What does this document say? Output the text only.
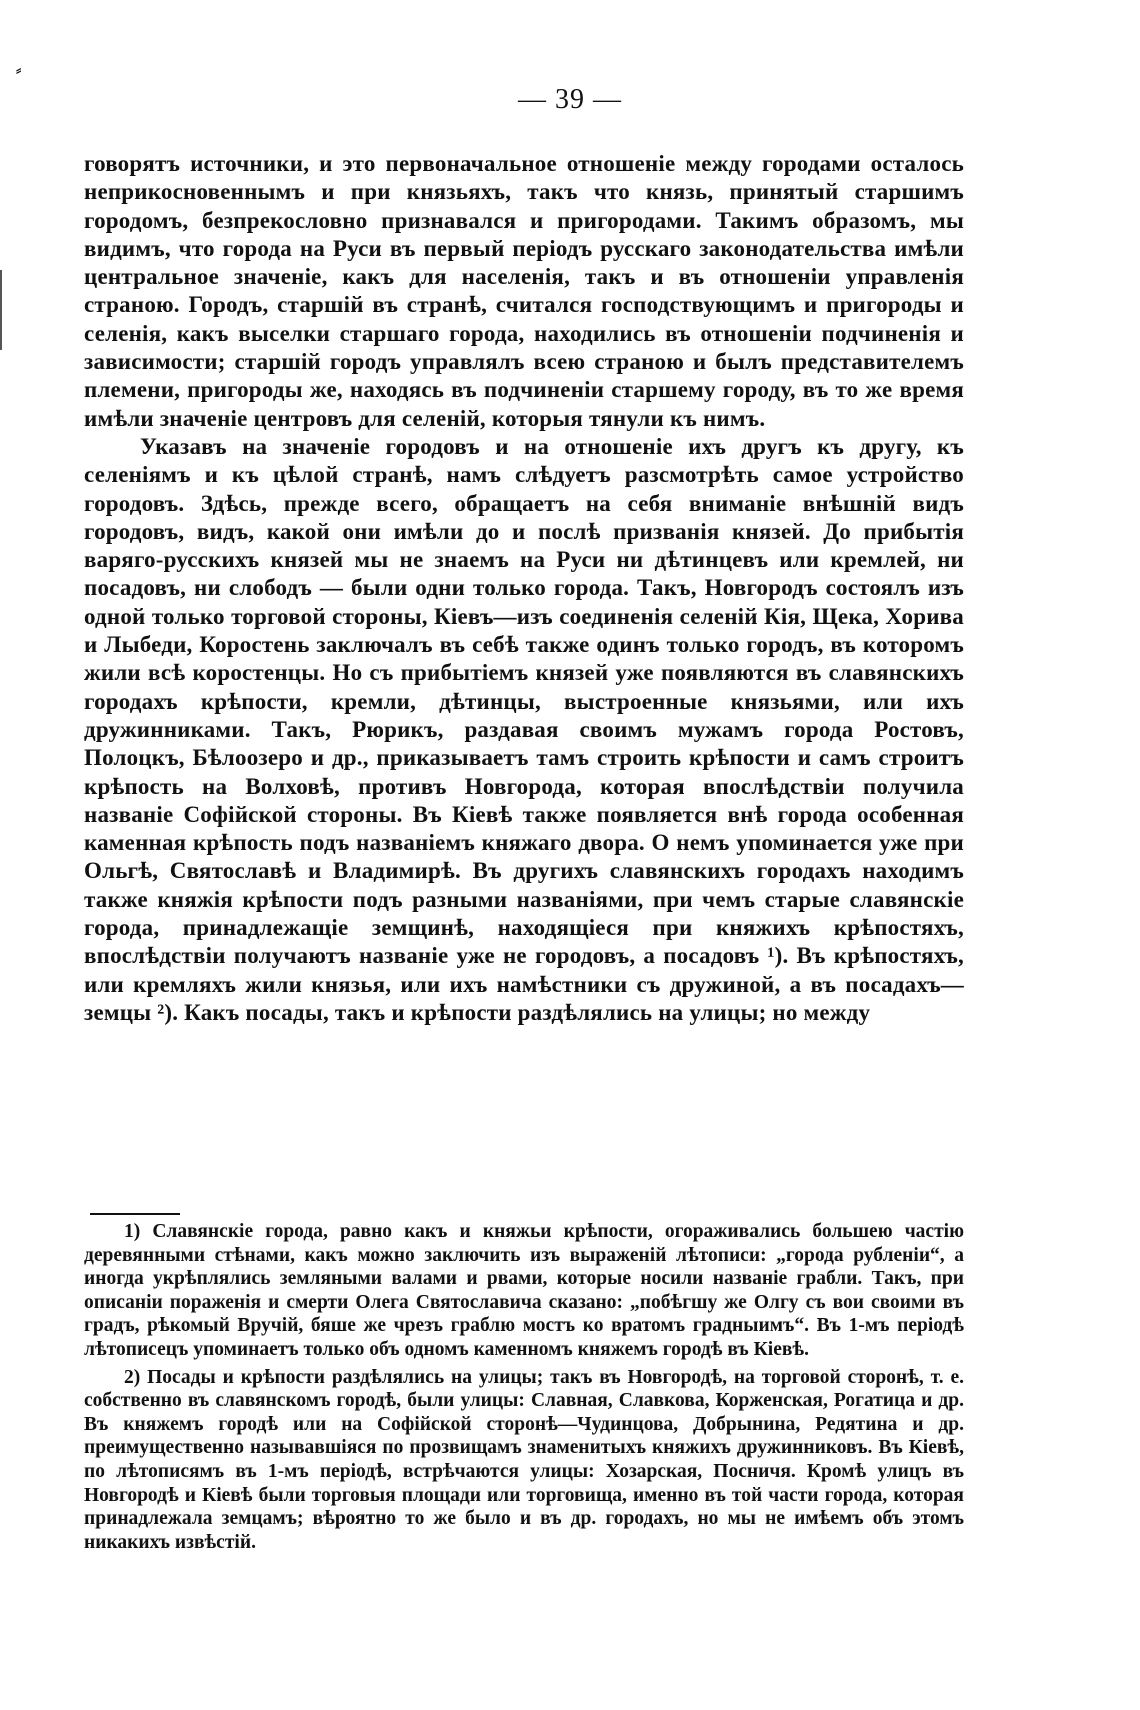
⸗
— 39 —

говорятъ источники, и это первоначальное отношеніе между городами осталось неприкосновеннымъ и при князьяхъ, такъ что князь, принятый старшимъ городомъ, безпрекословно признавался и пригородами. Такимъ образомъ, мы видимъ, что города на Руси въ первый періодъ русскаго законодательства имѣли центральное значеніе, какъ для населенія, такъ и въ отношеніи управленія страною. Городъ, старшій въ странѣ, считался господствующимъ и пригороды и селенія, какъ выселки старшаго города, находились въ отношеніи подчиненія и зависимости; старшій городъ управлялъ всею страною и былъ представителемъ племени, пригороды же, находясь въ подчиненіи старшему городу, въ то же время имѣли значеніе центровъ для селеній, которыя тянули къ нимъ.

Указавъ на значеніе городовъ и на отношеніе ихъ другъ къ другу, къ селеніямъ и къ цѣлой странѣ, намъ слѣдуетъ разсмотрѣть самое устройство городовъ. Здѣсь, прежде всего, обращаетъ на себя вниманіе внѣшній видъ городовъ, видъ, какой они имѣли до и послѣ призванія князей. До прибытія варяго-русскихъ князей мы не знаемъ на Руси ни дѣтинцевъ или кремлей, ни посадовъ, ни слободъ — были одни только города. Такъ, Новгородъ состоялъ изъ одной только торговой стороны, Кіевъ—изъ соединенія селеній Кія, Щека, Хорива и Лыбеди, Коростень заключалъ въ себѣ также одинъ только городъ, въ которомъ жили всѣ коростенцы. Но съ прибытіемъ князей уже появляются въ славянскихъ городахъ крѣпости, кремли, дѣтинцы, выстроенные князьями, или ихъ дружинниками. Такъ, Рюрикъ, раздавая своимъ мужамъ города Ростовъ, Полоцкъ, Бѣлоозеро и др., приказываетъ тамъ строить крѣпости и самъ строитъ крѣпость на Волховѣ, противъ Новгорода, которая впослѣдствіи получила названіе Софійской стороны. Въ Кіевѣ также появляется внѣ города особенная каменная крѣпость подъ названіемъ княжаго двора. О немъ упоминается уже при Ольгѣ, Святославѣ и Владимирѣ. Въ другихъ славянскихъ городахъ находимъ также княжія крѣпости подъ разными названіями, при чемъ старые славянскіе города, принадлежащіе земщинѣ, находящіеся при княжихъ крѣпостяхъ, впослѣдствіи получаютъ названіе уже не городовъ, а посадовъ ¹). Въ крѣпостяхъ, или кремляхъ жили князья, или ихъ намѣстники съ дружиной, а въ посадахъ—земцы ²). Какъ посады, такъ и крѣпости раздѣлялись на улицы; но между

1) Славянскіе города, равно какъ и княжьи крѣпости, огораживались большею частію деревянными стѣнами, какъ можно заключить изъ выраженій лѣтописи: „города рубленіи“, а иногда укрѣплялись земляными валами и рвами, которые носили названіе грабли. Такъ, при описаніи пораженія и смерти Олега Святославича сказано: „побѣгшу же Олгу съ вои своими въ градъ, рѣкомый Вручій, бяше же чрезъ граблю мостъ ко вратомъ градныимъ“. Въ 1-мъ періодѣ лѣтописецъ упоминаетъ только объ одномъ каменномъ княжемъ городѣ въ Кіевѣ.

2) Посады и крѣпости раздѣлялись на улицы; такъ въ Новгородѣ, на торговой сторонѣ, т. е. собственно въ славянскомъ городѣ, были улицы: Славная, Славкова, Корженская, Рогатица и др. Въ княжемъ городѣ или на Софійской сторонѣ—Чудинцова, Добрынина, Редятина и др. преимущественно называвшіяся по прозвищамъ знаменитыхъ княжихъ дружинниковъ. Въ Кіевѣ, по лѣтописямъ въ 1-мъ періодѣ, встрѣчаются улицы: Хозарская, Посничя. Кромѣ улицъ въ Новгородѣ и Кіевѣ были торговыя площади или торговища, именно въ той части города, которая принадлежала земцамъ; вѣроятно то же было и въ др. городахъ, но мы не имѣемъ объ этомъ никакихъ извѣстій.
